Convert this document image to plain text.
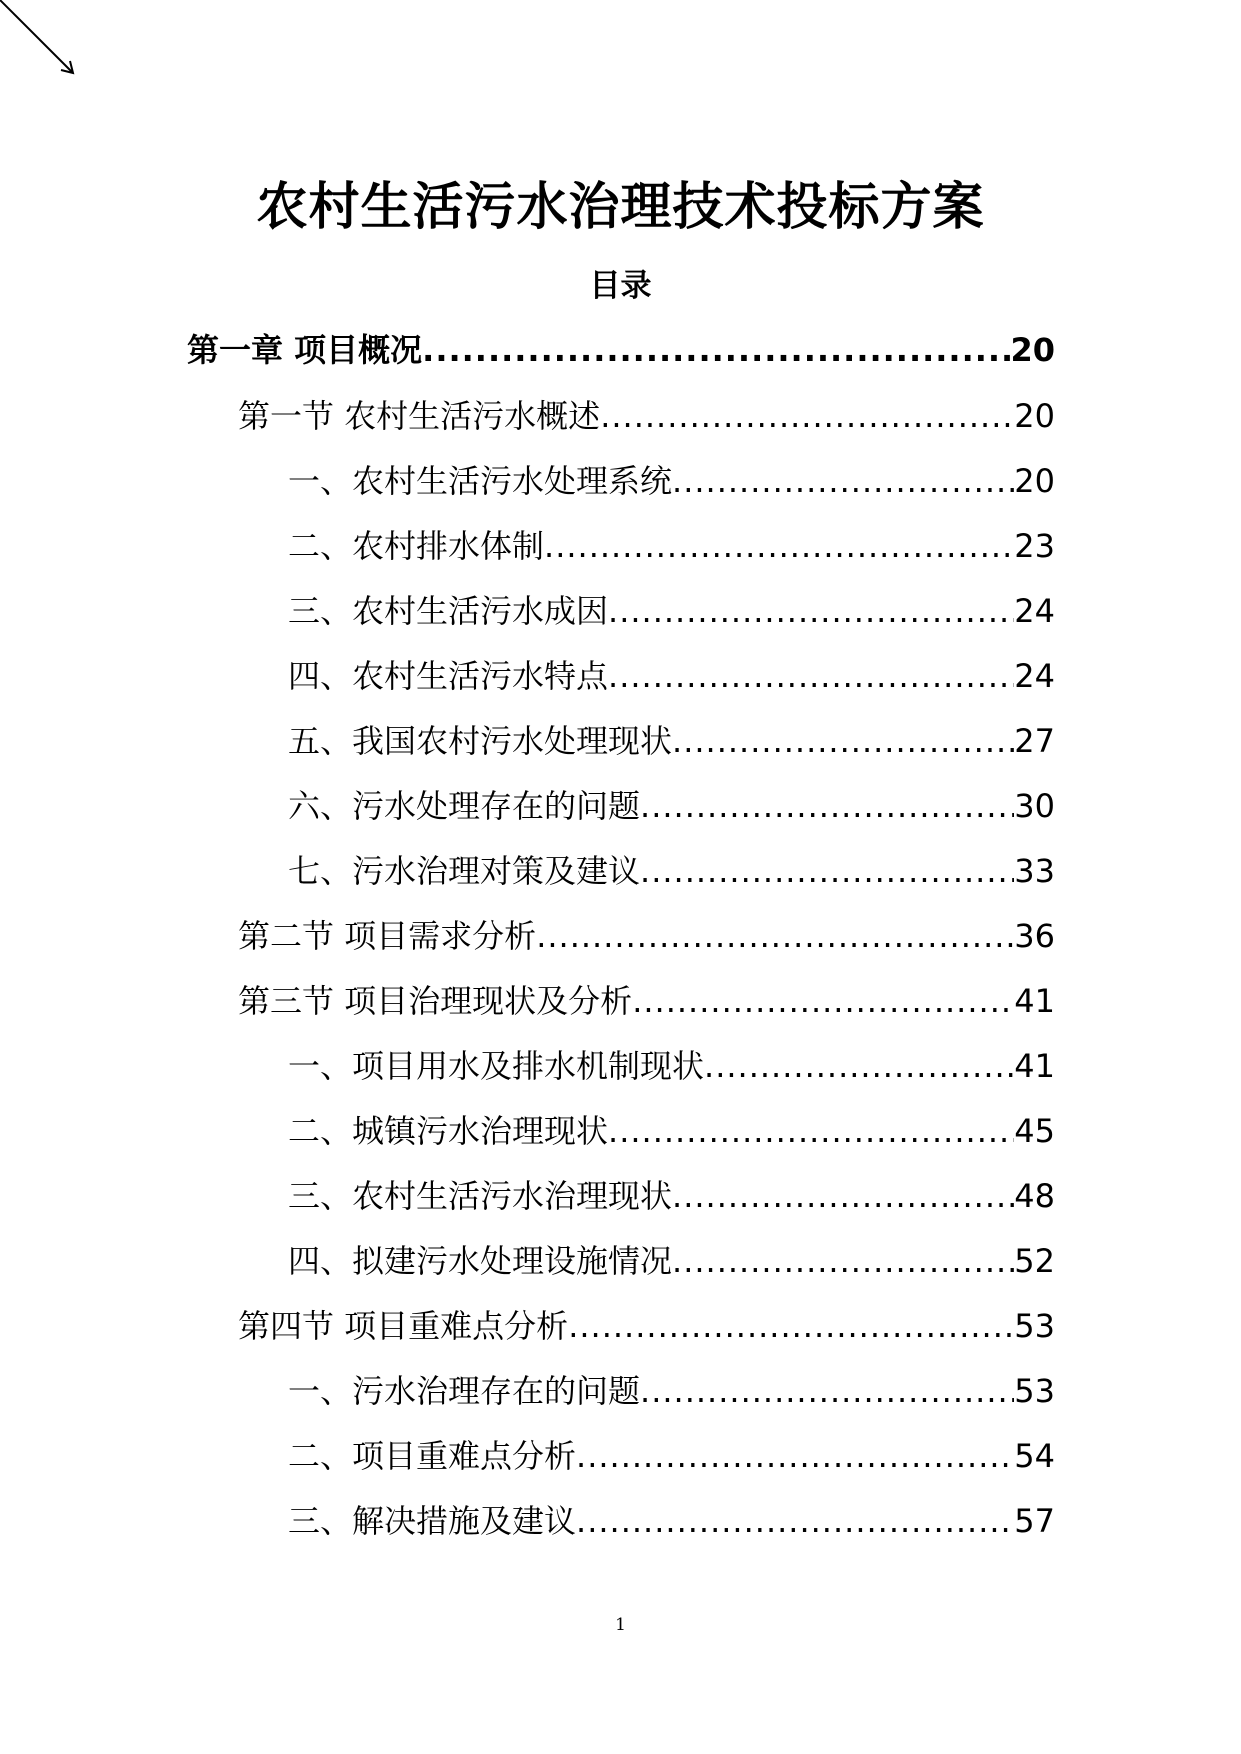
农村生活污水治理技术投标方案
目录
第一章 项目概况 .....	20
第一节 农村生活污水概述 .....	20
一、农村生活污水处理系统 .....	20
二、农村排水体制 .....	23
三、农村生活污水成因 .....	24
四、农村生活污水特点 .....	24
五、我国农村污水处理现状 .....	27
六、污水处理存在的问题 .....	30
七、污水治理对策及建议 .....	33
第二节 项目需求分析 .....	36
第三节 项目治理现状及分析 .....	41
一、项目用水及排水机制现状 .....	41
二、城镇污水治理现状 .....	45
三、农村生活污水治理现状 .....	48
四、拟建污水处理设施情况 .....	52
第四节 项目重难点分析 .....	53
一、污水治理存在的问题 .....	53
二、项目重难点分析 .....	54
三、解决措施及建议 .....	57
1
